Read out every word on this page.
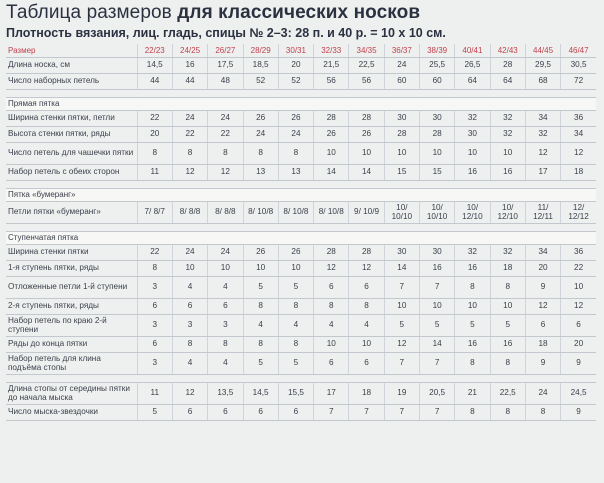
Таблица размеров для классических носков
Плотность вязания, лиц. гладь, спицы № 2–3: 28 п. и 40 р. = 10 х 10 см.
Размер	22/23	24/25	26/27	28/29	30/31	32/33	34/35	36/37	38/39	40/41	42/43	44/45	46/47
Длина носка, см	14,5	16	17,5	18,5	20	21,5	22,5	24	25,5	26,5	28	29,5	30,5
Число наборных петель	44	44	48	52	52	56	56	60	60	64	64	68	72

Прямая пятка													
Ширина стенки пятки, петли	22	24	24	26	26	28	28	30	30	32	32	34	36
Высота стенки пятки, ряды	20	22	22	24	24	26	26	28	28	30	32	32	34
Число петель для чашечки пятки	8	8	8	8	8	10	10	10	10	10	10	12	12
Набор петель с обеих сторон	11	12	12	13	13	14	14	15	15	16	16	17	18

Пятка «бумеранг»													
Петли пятки «бумеранг»	7/ 8/7	8/ 8/8	8/ 8/8	8/ 10/8	8/ 10/8	8/ 10/8	9/ 10/9	10/ 10/10	10/ 10/10	10/ 12/10	10/ 12/10	11/ 12/11	12/ 12/12

Ступенчатая пятка													
Ширина стенки пятки	22	24	24	26	26	28	28	30	30	32	32	34	36
1-я ступень пятки, ряды	8	10	10	10	10	12	12	14	16	16	18	20	22
Отложенные петли 1-й ступени	3	4	4	5	5	6	6	7	7	8	8	9	10
2-я ступень пятки, ряды	6	6	6	8	8	8	8	10	10	10	10	12	12
Набор петель по краю 2-й ступени	3	3	3	4	4	4	4	5	5	5	5	6	6
Ряды до конца пятки	6	8	8	8	8	10	10	12	14	16	16	18	20
Набор петель для клина подъёма стопы	3	4	4	5	5	6	6	7	7	8	8	9	9

Длина стопы от середины пятки до начала мыска	11	12	13,5	14,5	15,5	17	18	19	20,5	21	22,5	24	24,5
Число мыска-звездочки	5	6	6	6	6	7	7	7	7	8	8	8	9
